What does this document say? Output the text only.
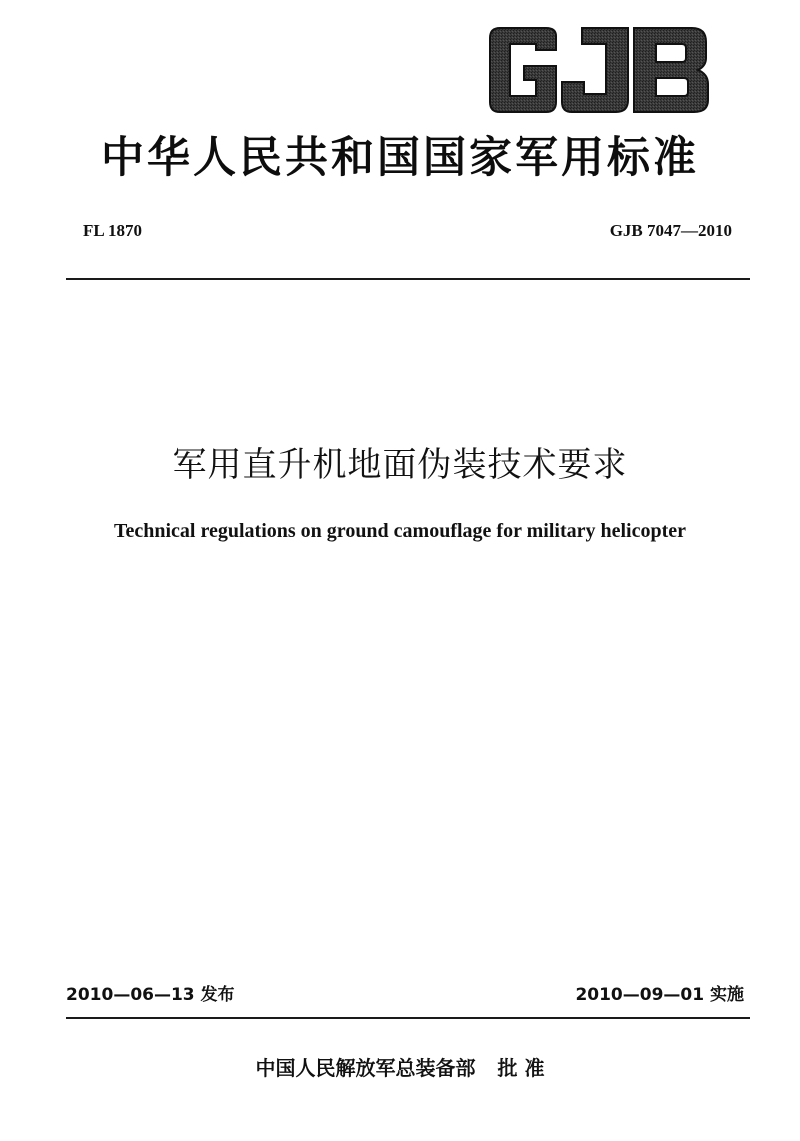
中华人民共和国国家军用标准
FL 1870	GJB 7047—2010
军用直升机地面伪装技术要求
Technical regulations on ground camouflage for military helicopter
2010—06—13 发布	2010—09—01 实施
中国人民解放军总装备部 批 准
